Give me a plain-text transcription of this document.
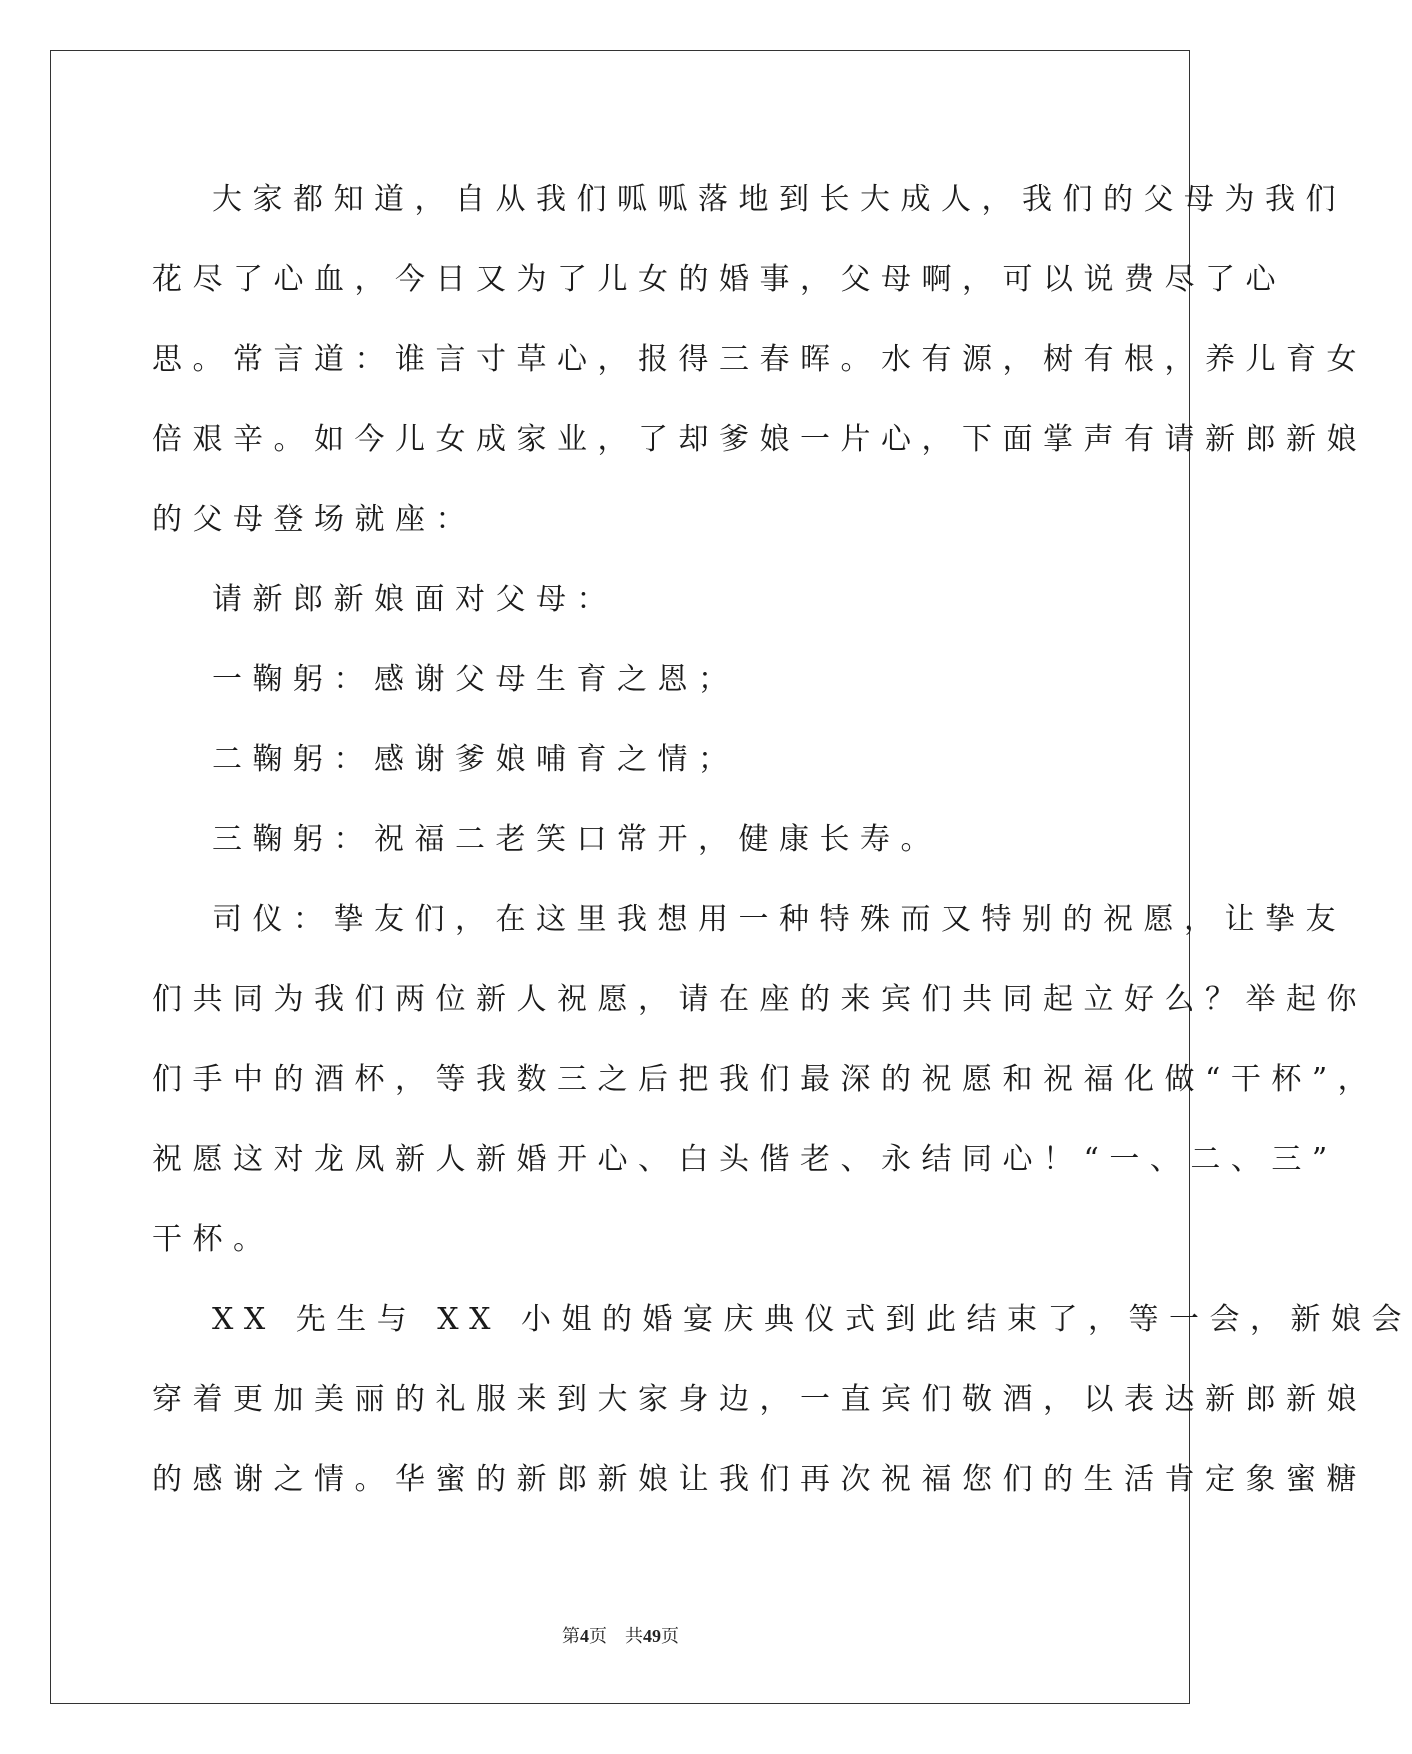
大家都知道，自从我们呱呱落地到长大成人，我们的父母为我们
花尽了心血，今日又为了儿女的婚事，父母啊，可以说费尽了心
思。常言道：谁言寸草心，报得三春晖。水有源，树有根，养儿育女
倍艰辛。如今儿女成家业，了却爹娘一片心，下面掌声有请新郎新娘
的父母登场就座：

请新郎新娘面对父母：

一鞠躬：感谢父母生育之恩；

二鞠躬：感谢爹娘哺育之情；

三鞠躬：祝福二老笑口常开，健康长寿。

司仪：挚友们，在这里我想用一种特殊而又特别的祝愿，让挚友
们共同为我们两位新人祝愿，请在座的来宾们共同起立好么？举起你
们手中的酒杯，等我数三之后把我们最深的祝愿和祝福化做“干杯”，
祝愿这对龙凤新人新婚开心、白头偕老、永结同心！“一、二、三”
干杯。

XX 先生与 XX 小姐的婚宴庆典仪式到此结束了，等一会，新娘会
穿着更加美丽的礼服来到大家身边，一直宾们敬酒，以表达新郎新娘
的感谢之情。华蜜的新郎新娘让我们再次祝福您们的生活肯定象蜜糖

第4页 共49页
